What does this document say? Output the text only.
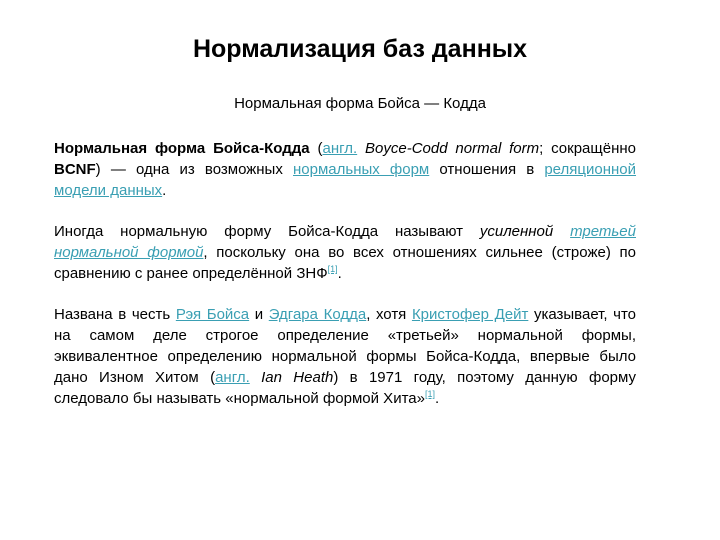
Нормализация баз данных
Нормальная форма Бойса — Кодда

Нормальная форма Бойса-Кодда (англ. Boyce-Codd normal form; сокращённо BCNF) — одна из возможных нормальных форм отношения в реляционной модели данных.

Иногда нормальную форму Бойса-Кодда называют усиленной третьей нормальной формой, поскольку она во всех отношениях сильнее (строже) по сравнению с ранее определённой ЗНФ[1].

Названа в честь Рэя Бойса и Эдгара Кодда, хотя Кристофер Дейт указывает, что на самом деле строгое определение «третьей» нормальной формы, эквивалентное определению нормальной формы Бойса-Кодда, впервые было дано Изном Хитом (англ. Ian Heath) в 1971 году, поэтому данную форму следовало бы называть «нормальной формой Хита»[1].
